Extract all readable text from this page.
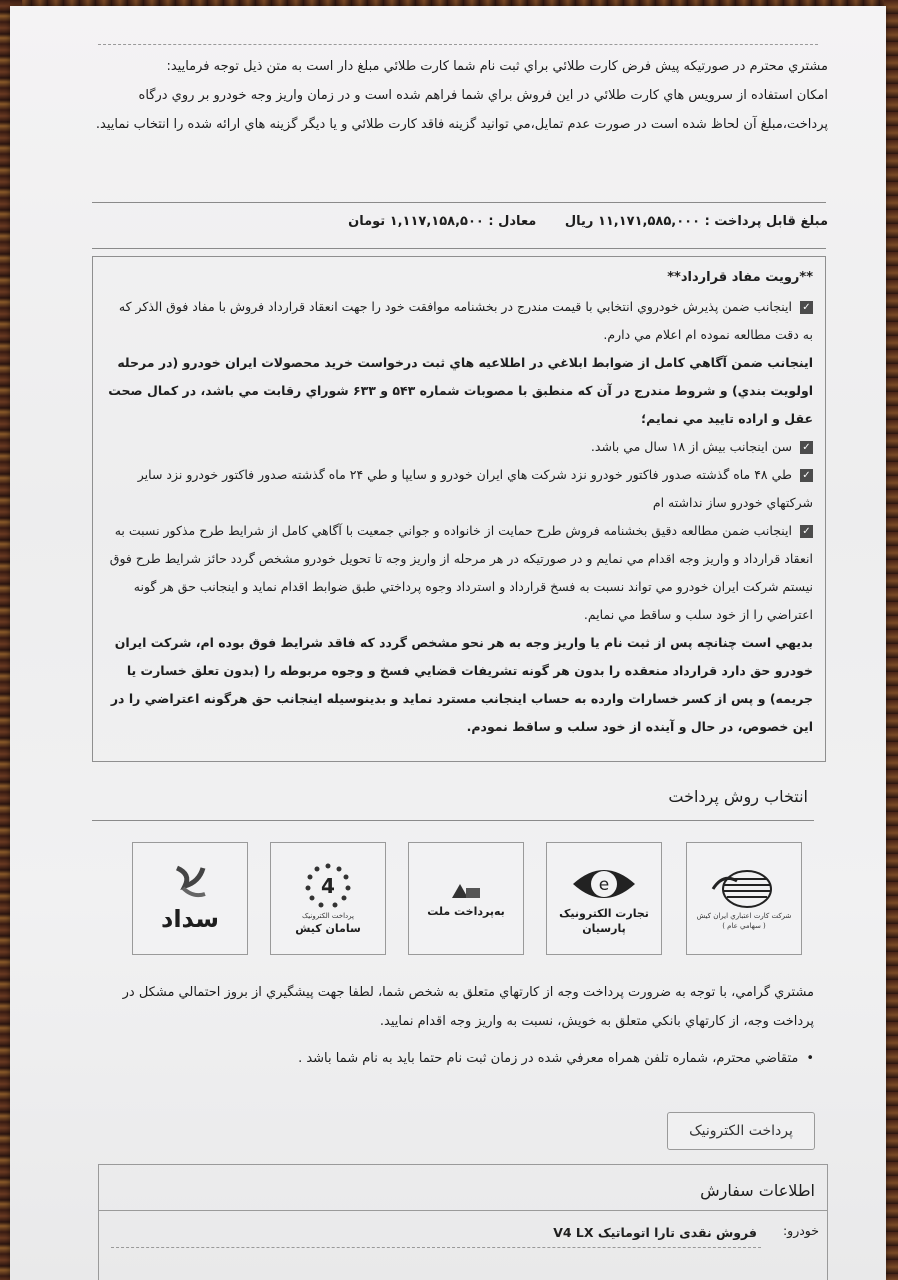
مشتري محترم در صورتيكه پيش فرض كارت طلائي براي ثبت نام شما كارت طلائي مبلغ دار است به متن ذيل توجه فرماييد:

امكان استفاده از سرويس هاي كارت طلائي در اين فروش براي شما فراهم شده است و در زمان واريز وجه خودرو بر روي درگاه پرداخت،مبلغ آن لحاظ شده است در صورت عدم تمايل،مي توانيد گزينه فاقد كارت طلائي و يا ديگر گزينه هاي ارائه شده را انتخاب نماييد.

مبلغ قابل پرداخت : ۱۱,۱۷۱,۵۸۵,۰۰۰ ريال معادل : ۱,۱۱۷,۱۵۸,۵۰۰ تومان
**رويت مفاد قرارداد**
✓اينجانب ضمن پذيرش خودروي انتخابي با قيمت مندرج در بخشنامه موافقت خود را جهت انعقاد قرارداد فروش با مفاد فوق الذكر كه به دقت مطالعه نموده ام اعلام مي دارم.
اينجانب ضمن آگاهي كامل از ضوابط ابلاغي در اطلاعيه هاي ثبت درخواست خريد محصولات ايران خودرو (در مرحله اولويت بندي) و شروط مندرج در آن كه منطبق با مصوبات شماره ۵۴۳ و ۶۳۳ شوراي رقابت مي باشد، در كمال صحت عقل و اراده تاييد مي نمايم؛
✓سن اينجانب بيش از ۱۸ سال مي باشد.
✓طي ۴۸ ماه گذشته صدور فاكتور خودرو نزد شركت هاي ايران خودرو و سايپا و طي ۲۴ ماه گذشته صدور فاكتور خودرو نزد ساير شركتهاي خودرو ساز نداشته ام
✓اينجانب ضمن مطالعه دقيق بخشنامه فروش طرح حمايت از خانواده و جواني جمعيت با آگاهي كامل از شرايط طرح مذكور نسبت به انعقاد قرارداد و واريز وجه اقدام مي نمايم و در صورتيكه در هر مرحله از واريز وجه تا تحويل خودرو مشخص گردد حائز شرايط طرح فوق نيستم شركت ايران خودرو مي تواند نسبت به فسخ قرارداد و استرداد وجوه پرداختي طبق ضوابط اقدام نمايد و اينجانب حق هر گونه اعتراضي را از خود سلب و ساقط مي نمايم.
بديهي است چنانچه پس از ثبت نام يا واريز وجه به هر نحو مشخص گردد كه فاقد شرايط فوق بوده ام، شركت ايران خودرو حق دارد قرارداد منعقده را بدون هر گونه تشريفات قضايي فسخ و وجوه مربوطه را (بدون تعلق خسارت يا جريمه) و پس از كسر خسارات وارده به حساب اينجانب مسترد نمايد و بدينوسيله اينجانب حق هرگونه اعتراضي را در اين خصوص، در حال و آينده از خود سلب و ساقط نمودم.
انتخاب روش پرداخت
شركت كارت اعتباري ايران كيش
( سهامي عام )
e
تجارت الكترونيک
پارسيان
به‌پرداخت ملت
4
پرداخت الكترونيک
سامان كيش
سداد
مشتري گرامي، با توجه به ضرورت پرداخت وجه از كارتهاي متعلق به شخص شما، لطفا جهت پيشگيري از بروز احتمالي مشكل در پرداخت وجه، از كارتهاي بانكي متعلق به خويش، نسبت به واريز وجه اقدام نماييد.
• متقاضي محترم، شماره تلفن همراه معرفي شده در زمان ثبت نام حتما بايد به نام شما باشد .
پرداخت الكترونيک
اطلاعات سفارش
خودرو:
فروش نقدی تارا اتوماتیک V4 LX
